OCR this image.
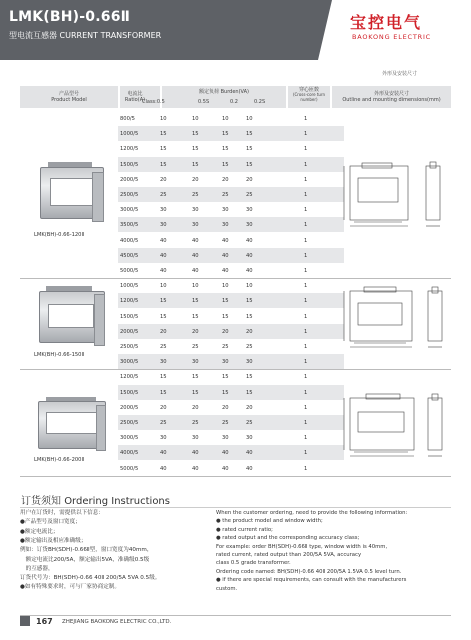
LMK(BH)-0.66Ⅱ
型电流互感器 CURRENT TRANSFORMER
宝控电气
BAOKONG ELECTRIC
外形及安装尺寸
产品型号
Product Model
电流比
Ratio(A)
额定负荷 Burden(VA)
Class:0.5	0.5S	0.2	0.2S
穿心匝数
(Cross-core turn number)
外形及安装尺寸
Outline and mounting dimensions(mm)
800/5	10	10	10	10	1
1000/5	15	15	15	15	1
1200/5	15	15	15	15	1
1500/5	15	15	15	15	1
2000/5	20	20	20	20	1
2500/5	25	25	25	25	1
3000/5	30	30	30	30	1
3500/5	30	30	30	30	1
4000/5	40	40	40	40	1
4500/5	40	40	40	40	1
5000/5	40	40	40	40	1
1000/5	10	10	10	10	1
1200/5	15	15	15	15	1
1500/5	15	15	15	15	1
2000/5	20	20	20	20	1
2500/5	25	25	25	25	1
3000/5	30	30	30	30	1
1200/5	15	15	15	15	1
1500/5	15	15	15	15	1
2000/5	20	20	20	20	1
2500/5	25	25	25	25	1
3000/5	30	30	30	30	1
4000/5	40	40	40	40	1
5000/5	40	40	40	40	1
LMK(BH)-0.66-120Ⅱ
LMK(BH)-0.66-150Ⅱ
LMK(BH)-0.66-200Ⅱ
订货须知 Ordering Instructions
用户在订货时，需提供以下信息：
●产品型号及窗口宽度；
●额定电流比；
●额定输出及相应准确级；
例如：订货BH(SDH)-0.66Ⅱ型，窗口宽度为40mm，
　额定电流比200/5A，额定输出5VA，准确级0.5级
　的互感器，
订货代号为：BH(SDH)-0.66 40Ⅱ 200/5A 5VA 0.5级。
●如有特殊要求时，可与厂家协商定制。
When the customer ordering, need to provide the following information:
● the product model and window width;
● rated current ratio;
● rated output and the corresponding accuracy class;
For example: order BH(SDH)-0.66Ⅱ type, window width is 40mm,
rated current, rated output than 200/5A 5VA, accuracy
class 0.5 grade transformer.
Ordering code named: BH(SDH)-0.66 40Ⅱ 200/5A 1.5VA 0.5 level turn.
● if there are special requirements, can consult with the manufacturers
custom.
167 ZHEJIANG BAOKONG ELECTRIC CO.,LTD.
